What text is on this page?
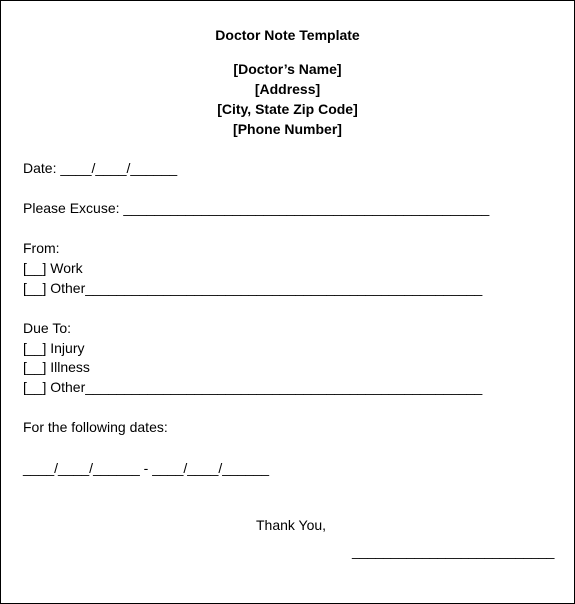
Doctor Note Template
[Doctor’s Name]
[Address]
[City, State Zip Code]
[Phone Number]
Date: ____/____/______
Please Excuse: _______________________________________________
From:
[__] Work
[__] Other___________________________________________________
Due To:
[__] Injury
[__] Illness
[__] Other___________________________________________________
For the following dates:
____/____/______ - ____/____/______
Thank You,
__________________________
